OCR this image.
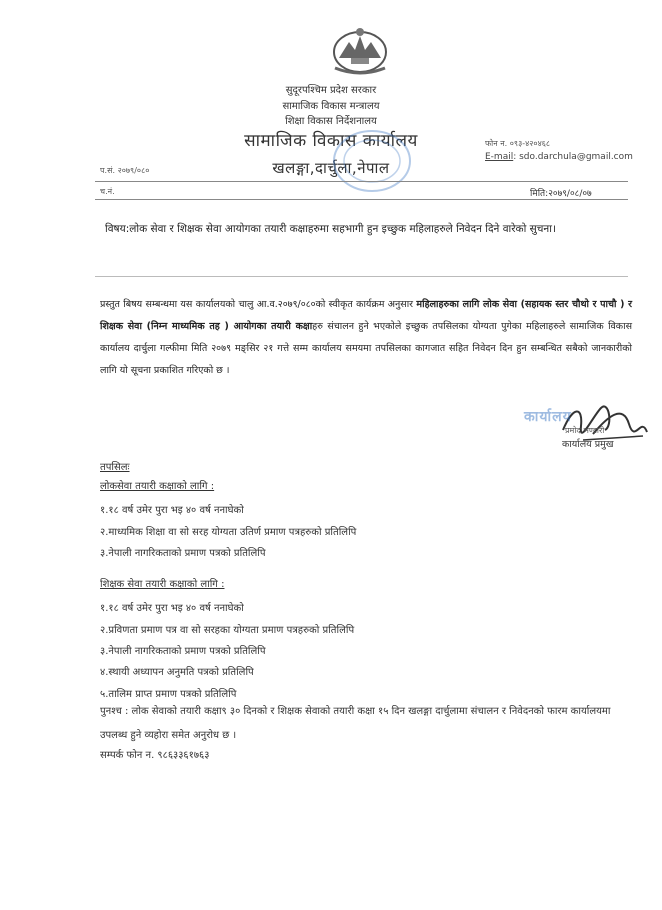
सुदूरपश्चिम प्रदेश सरकार
सामाजिक विकास मन्त्रालय
शिक्षा विकास निर्देशनालय
सामाजिक विकास कार्यालय
खलङ्गा,दार्चुला,नेपाल
फोन न. ०९३-४२०४६८
E-mail: sdo.darchula@gmail.com
प.सं. २०७९/०८०
च.नं.	मिति:२०७९/०८/०७
विषय:लोक सेवा र शिक्षक सेवा आयोगका तयारी कक्षाहरुमा सहभागी हुन इच्छुक महिलाहरुले निवेदन दिने वारेको सुचना।
प्रस्तुत बिषय सम्बन्धमा यस कार्यालयको चालु आ.व.२०७९/०८०को स्वीकृत कार्यक्रम अनुसार महिलाहरुका लागि लोक सेवा (सहायक स्तर चौथो र पाचौ ) र शिक्षक सेवा (निम्न माध्यमिक तह ) आयोगका तयारी कक्षाहरु संचालन हुने भएकोले इच्छुक तपसिलका योग्यता पुगेका महिलाहरुले सामाजिक विकास कार्यालय दार्चुला गल्फीमा मिति २०७९ मङ्सिर २१ गत्ते सम्म कार्यालय समयमा तपसिलका कागजात सहित निवेदन दिन हुन सम्बन्धित सबैको जानकारीको लागि यो सूचना प्रकाशित गरिएको छ ।
कार्यालय
प्रमोद भण्डारी
कार्यालय प्रमुख
तपसिलः
लोकसेवा तयारी कक्षाको लागि :
१.१८ वर्ष उमेर पुरा भइ ४० वर्ष ननाघेको
२.माध्यमिक शिक्षा वा सो सरह योग्यता उतिर्ण प्रमाण पत्रहरुको प्रतिलिपि
३.नेपाली नागरिकताको प्रमाण पत्रको प्रतिलिपि
शिक्षक सेवा तयारी कक्षाको लागि :
१.१८ वर्ष उमेर पुरा भइ ४० वर्ष ननाघेको
२.प्रविणता प्रमाण पत्र वा सो सरहका योग्यता प्रमाण पत्रहरुको प्रतिलिपि
३.नेपाली नागरिकताको प्रमाण पत्रको प्रतिलिपि
४.स्थायी अध्यापन अनुमति पत्रको प्रतिलिपि
५.तालिम प्राप्त प्रमाण पत्रको प्रतिलिपि
पुनश्च : लोक सेवाको तयारी कक्षा९ ३० दिनको र शिक्षक सेवाको तयारी कक्षा १५ दिन खलङ्गा दार्चुलामा संचालन र निवेदनको फारम कार्यालयमा उपलब्ध हुने व्यहोरा समेत अनुरोध छ ।
सम्पर्क फोन न. ९८६३३६१७६३
